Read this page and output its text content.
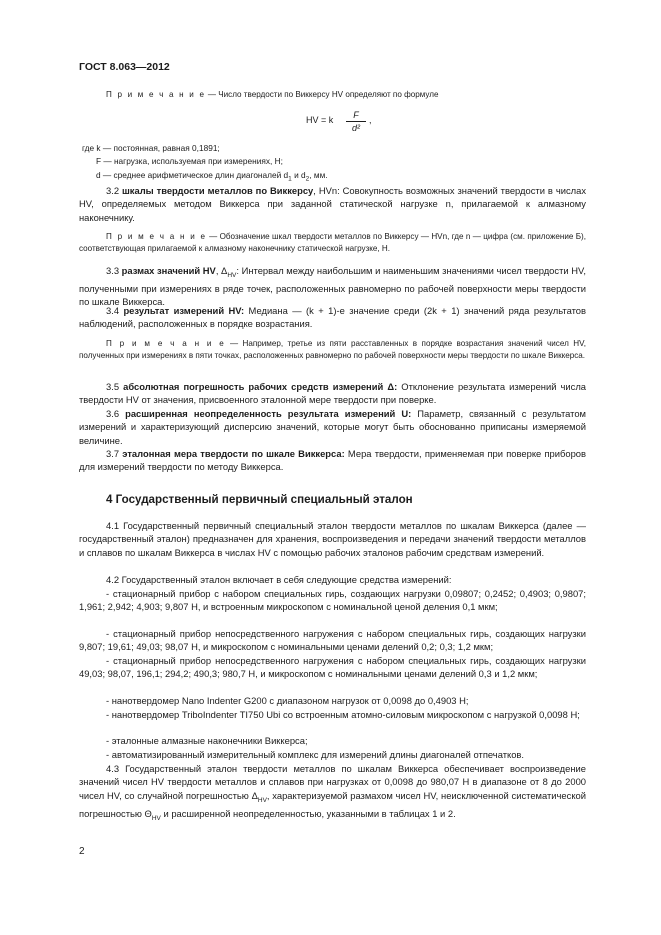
ГОСТ 8.063—2012
П р и м е ч а н и е — Число твердости по Виккерсу HV определяют по формуле
HV = k	F
d²
,
где k — постоянная, равная 0,1891;
F — нагрузка, используемая при измерениях, Н;
d — среднее арифметическое длин диагоналей $d_1$ и $d_2$, мм.
3.2 шкалы твердости металлов по Виккерсу, HVn: Совокупность возможных значений твердости в числах HV, определяемых методом Виккерса при заданной статической нагрузке n, прилагаемой к алмазному наконечнику.
П р и м е ч а н и е — Обозначение шкал твердости металлов по Виккерсу — HVn, где n — цифра (см. приложение Б), соответствующая прилагаемой к алмазному наконечнику статической нагрузке, Н.
3.3 размах значений HV, $\Delta_{HV}$: Интервал между наибольшим и наименьшим значениями чисел твердости HV, полученными при измерениях в ряде точек, расположенных равномерно по рабочей поверхности меры твердости по шкале Виккерса.
3.4 результат измерений HV: Медиана — (k + 1)-е значение среди (2k + 1) значений ряда результатов наблюдений, расположенных в порядке возрастания.
П р и м е ч а н и е — Например, третье из пяти расставленных в порядке возрастания значений чисел HV, полученных при измерениях в пяти точках, расположенных равномерно по рабочей поверхности меры твердости по шкале Виккерса.
3.5 абсолютная погрешность рабочих средств измерений Δ: Отклонение результата измерений числа твердости HV от значения, присвоенного эталонной мере твердости при поверке.
3.6 расширенная неопределенность результата измерений U: Параметр, связанный с результатом измерений и характеризующий дисперсию значений, которые могут быть обоснованно приписаны измеряемой величине.
3.7 эталонная мера твердости по шкале Виккерса: Мера твердости, применяемая при поверке приборов для измерений твердости по методу Виккерса.
4 Государственный первичный специальный эталон
4.1 Государственный первичный специальный эталон твердости металлов по шкалам Виккерса (далее — государственный эталон) предназначен для хранения, воспроизведения и передачи значений твердости металлов и сплавов по шкалам Виккерса в числах HV с помощью рабочих эталонов рабочим средствам измерений.
4.2 Государственный эталон включает в себя следующие средства измерений:
- стационарный прибор с набором специальных гирь, создающих нагрузки 0,09807; 0,2452; 0,4903; 0,9807; 1,961; 2,942; 4,903; 9,807 Н, и встроенным микроскопом с номинальной ценой деления 0,1 мкм;
- стационарный прибор непосредственного нагружения с набором специальных гирь, создающих нагрузки 9,807; 19,61; 49,03; 98,07 Н, и микроскопом с номинальными ценами делений 0,2; 0,3; 1,2 мкм;
- стационарный прибор непосредственного нагружения с набором специальных гирь, создающих нагрузки 49,03; 98,07, 196,1; 294,2; 490,3; 980,7 Н, и микроскопом с номинальными ценами делений 0,3 и 1,2 мкм;
- нанотвердомер Nano Indenter G200 с диапазоном нагрузок от 0,0098 до 0,4903 Н;
- нанотвердомер TriboIndenter TI750 Ubi со встроенным атомно-силовым микроскопом с нагрузкой 0,0098 Н;
- эталонные алмазные наконечники Виккерса;
- автоматизированный измерительный комплекс для измерений длины диагоналей отпечатков.
4.3 Государственный эталон твердости металлов по шкалам Виккерса обеспечивает воспроизведение значений чисел HV твердости металлов и сплавов при нагрузках от 0,0098 до 980,07 Н в диапазоне от 8 до 2000 чисел HV, со случайной погрешностью $\Delta_{HV}$, характеризуемой размахом чисел HV, неисключенной систематической погрешностью $\Theta_{HV}$ и расширенной неопределенностью, указанными в таблицах 1 и 2.
2
